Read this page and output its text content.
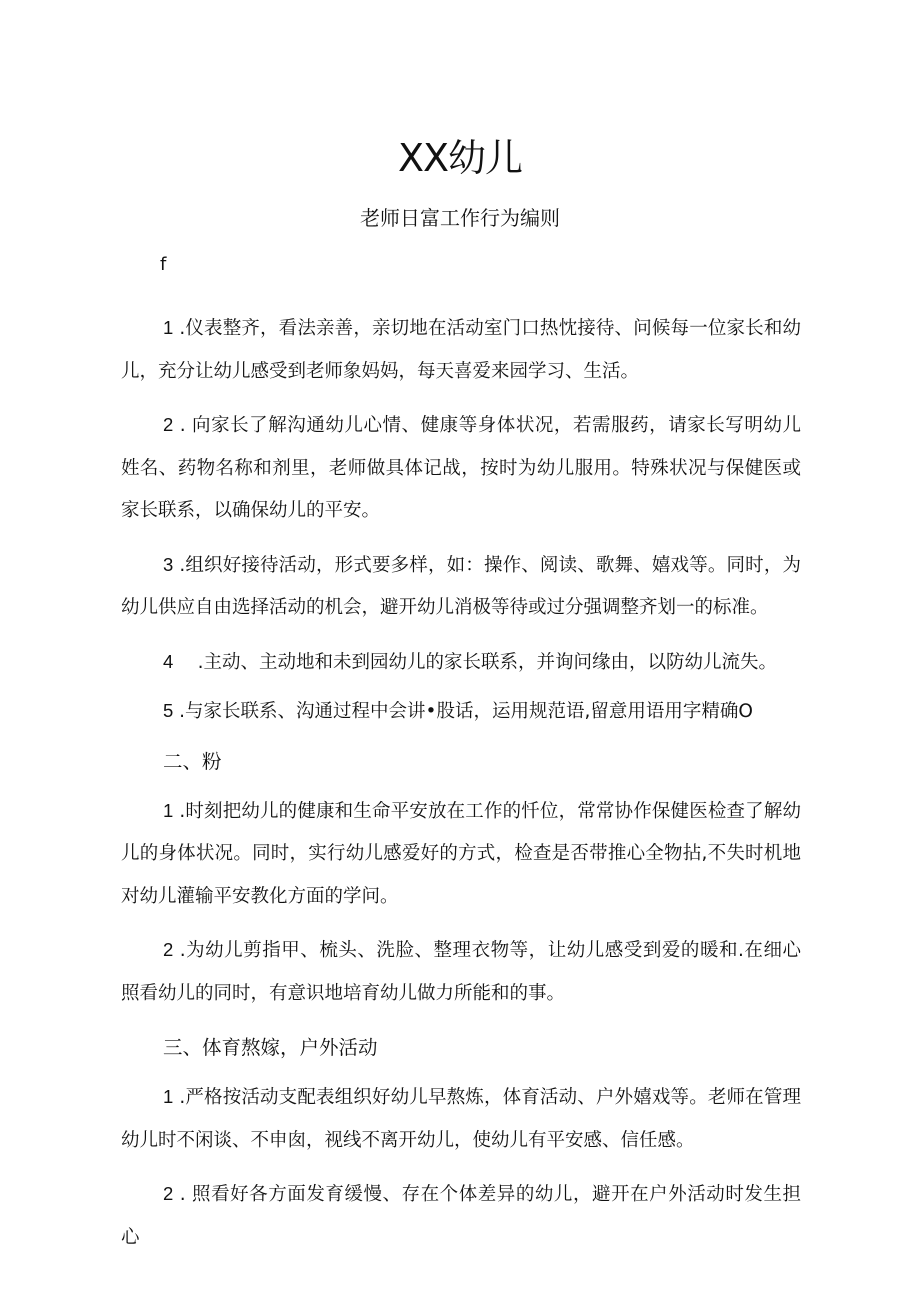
XX幼儿
老师日富工作行为编则
f

1 .仪表整齐，看法亲善，亲切地在活动室门口热忱接待、问候每一位家长和幼儿，充分让幼儿感受到老师象妈妈，每天喜爱来园学习、生活。

2 . 向家长了解沟通幼儿心情、健康等身体状况，若需服药，请家长写明幼儿姓名、药物名称和剂里，老师做具体记战，按时为幼儿服用。特殊状况与保健医或家长联系，以确保幼儿的平安。

3 .组织好接待活动，形式要多样，如：操作、阅读、歌舞、嬉戏等。同时，为幼儿供应自由选择活动的机会，避开幼儿消极等待或过分强调整齐划一的标准。

4　 .主动、主动地和未到园幼儿的家长联系，并询问缘由，以防幼儿流失。

5 .与家长联系、沟通过程中会讲•股话，运用规范语,留意用语用字精确O

二、粉

1 .时刻把幼儿的健康和生命平安放在工作的忏位，常常协作保健医检查了解幼儿的身体状况。同时，实行幼儿感爱好的方式，检查是否带推心全物拈,不失时机地对幼儿灌输平安教化方面的学问。

2 .为幼儿剪指甲、梳头、洗脸、整理衣物等，让幼儿感受到爱的暖和.在细心照看幼儿的同时，有意识地培育幼儿做力所能和的事。

三、体育熬嫁，户外活动

1 .严格按活动支配表组织好幼儿早熬炼，体育活动、户外嬉戏等。老师在管理幼儿时不闲谈、不申囱，视线不离开幼儿，使幼儿有平安感、信任感。

2 . 照看好各方面发育缓慢、存在个体差异的幼儿，避开在户外活动时发生担心
